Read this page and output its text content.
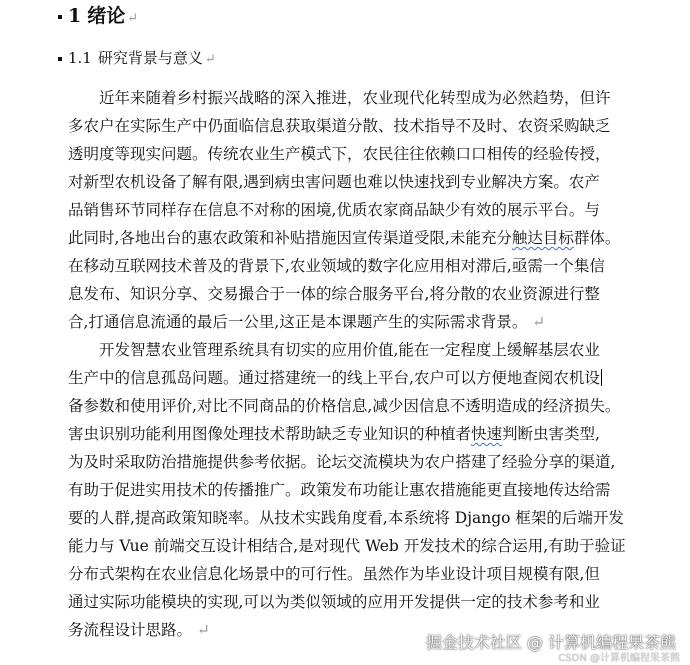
1 绪论 ↵
1.1 研究背景与意义 ↵
近年来随着乡村振兴战略的深入推进，农业现代化转型成为必然趋势，但许
多农户在实际生产中仍面临信息获取渠道分散、技术指导不及时、农资采购缺乏
透明度等现实问题。传统农业生产模式下，农民往往依赖口口相传的经验传授，
对新型农机设备了解有限,遇到病虫害问题也难以快速找到专业解决方案。农产
品销售环节同样存在信息不对称的困境,优质农家商品缺少有效的展示平台。与
此同时,各地出台的惠农政策和补贴措施因宣传渠道受限,未能充分触达目标群体。
在移动互联网技术普及的背景下,农业领域的数字化应用相对滞后,亟需一个集信
息发布、知识分享、交易撮合于一体的综合服务平台,将分散的农业资源进行整
合,打通信息流通的最后一公里,这正是本课题产生的实际需求背景。 ↵
开发智慧农业管理系统具有切实的应用价值,能在一定程度上缓解基层农业
生产中的信息孤岛问题。通过搭建统一的线上平台,农户可以方便地查阅农机设
备参数和使用评价,对比不同商品的价格信息,减少因信息不透明造成的经济损失。
害虫识别功能利用图像处理技术帮助缺乏专业知识的种植者快速判断虫害类型,
为及时采取防治措施提供参考依据。论坛交流模块为农户搭建了经验分享的渠道,
有助于促进实用技术的传播推广。政策发布功能让惠农措施能更直接地传达给需
要的人群,提高政策知晓率。从技术实践角度看,本系统将 Django 框架的后端开发
能力与 Vue 前端交互设计相结合,是对现代 Web 开发技术的综合运用,有助于验证
分布式架构在农业信息化场景中的可行性。虽然作为毕业设计项目规模有限,但
通过实际功能模块的实现,可以为类似领域的应用开发提供一定的技术参考和业
务流程设计思路。 ↵
掘金技术社区 @ 计算机编程果茶熊
CSDN @计算机编程果茶熊
